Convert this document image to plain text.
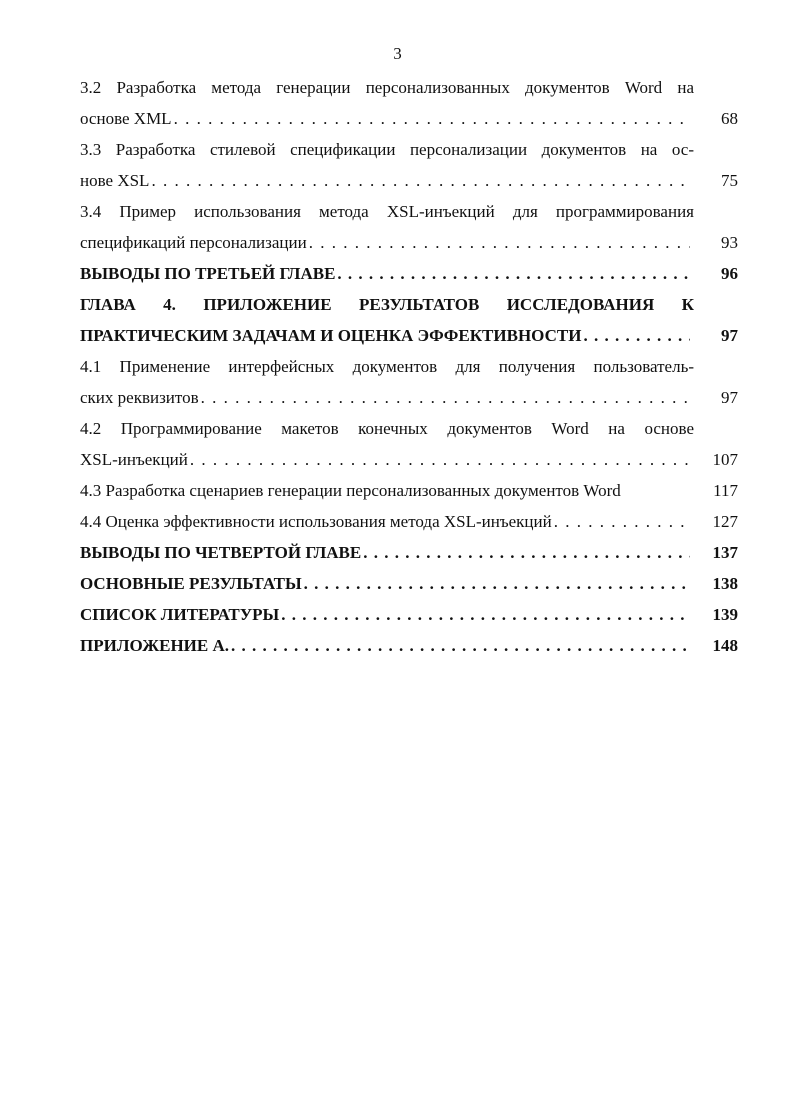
3
3.2 Разработка метода генерации персонализованных документов Word на
основе XML . . .	68
3.3 Разработка стилевой спецификации персонализации документов на ос-
нове XSL . . .	75
3.4 Пример использования метода XSL-инъекций для программирования
спецификаций персонализации . . .	93
ВЫВОДЫ ПО ТРЕТЬЕЙ ГЛАВЕ . . .	96
ГЛАВА 4. ПРИЛОЖЕНИЕ РЕЗУЛЬТАТОВ ИССЛЕДОВАНИЯ К
ПРАКТИЧЕСКИМ ЗАДАЧАМ И ОЦЕНКА ЭФФЕКТИВНОСТИ . . .	97
4.1 Применение интерфейсных документов для получения пользователь-
ских реквизитов . . .	97
4.2 Программирование макетов конечных документов Word на основе
XSL-инъекций . . .	107
4.3 Разработка сценариев генерации персонализованных документов Word	117
4.4 Оценка эффективности использования метода XSL-инъекций . . .	127
ВЫВОДЫ ПО ЧЕТВЕРТОЙ ГЛАВЕ . . .	137
ОСНОВНЫЕ РЕЗУЛЬТАТЫ . . .	138
СПИСОК ЛИТЕРАТУРЫ . . .	139
ПРИЛОЖЕНИЕ А. . . .	148
